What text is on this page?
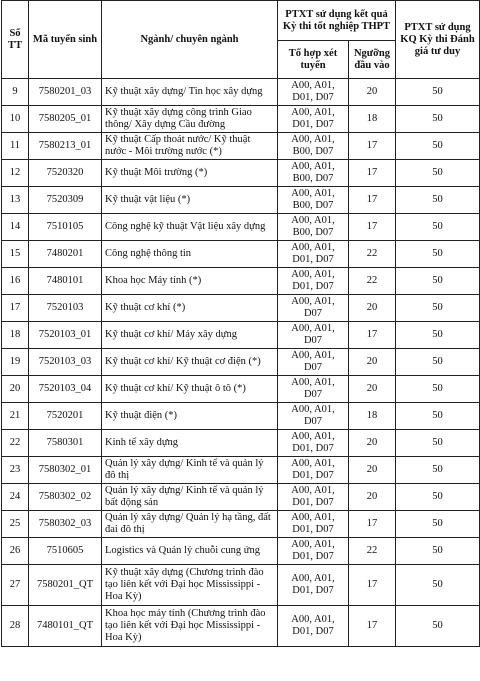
Số TT	Mã tuyển sinh	Ngành/ chuyên ngành	PTXT sử dụng kết quả Kỳ thi tốt nghiệp THPT		PTXT sử dụng KQ Kỳ thi Đánh giá tư duy
			Tổ hợp xét tuyển	Ngưỡng đầu vào	
9	7580201_03	Kỹ thuật xây dựng/ Tin học xây dựng	A00, A01, D01, D07	20	50
10	7580205_01	Kỹ thuật xây dựng công trình Giao thông/ Xây dựng Cầu đường	A00, A01, D01, D07	18	50
11	7580213_01	Kỹ thuật Cấp thoát nước/ Kỹ thuật nước - Môi trường nước (*)	A00, A01, B00, D07	17	50
12	7520320	Kỹ thuật Môi trường (*)	A00, A01, B00, D07	17	50
13	7520309	Kỹ thuật vật liệu (*)	A00, A01, B00, D07	17	50
14	7510105	Công nghệ kỹ thuật Vật liệu xây dựng	A00, A01, B00, D07	17	50
15	7480201	Công nghệ thông tin	A00, A01, D01, D07	22	50
16	7480101	Khoa học Máy tính (*)	A00, A01, D01, D07	22	50
17	7520103	Kỹ thuật cơ khí (*)	A00, A01, D07	20	50
18	7520103_01	Kỹ thuật cơ khí/ Máy xây dựng	A00, A01, D07	17	50
19	7520103_03	Kỹ thuật cơ khí/ Kỹ thuật cơ điện (*)	A00, A01, D07	20	50
20	7520103_04	Kỹ thuật cơ khí/ Kỹ thuật ô tô (*)	A00, A01, D07	20	50
21	7520201	Kỹ thuật điện (*)	A00, A01, D07	18	50
22	7580301	Kinh tế xây dựng	A00, A01, D01, D07	20	50
23	7580302_01	Quản lý xây dựng/ Kinh tế và quản lý đô thị	A00, A01, D01, D07	20	50
24	7580302_02	Quản lý xây dựng/ Kinh tế và quản lý bất động sản	A00, A01, D01, D07	20	50
25	7580302_03	Quản lý xây dựng/ Quản lý hạ tầng, đất đai đô thị	A00, A01, D01, D07	17	50
26	7510605	Logistics và Quản lý chuỗi cung ứng	A00, A01, D01, D07	22	50
27	7580201_QT	Kỹ thuật xây dựng (Chương trình đào tạo liên kết với Đại học Mississippi - Hoa Kỳ)	A00, A01, D01, D07	17	50
28	7480101_QT	Khoa học máy tính (Chương trình đào tạo liên kết với Đại học Mississippi - Hoa Kỳ)	A00, A01, D01, D07	17	50
